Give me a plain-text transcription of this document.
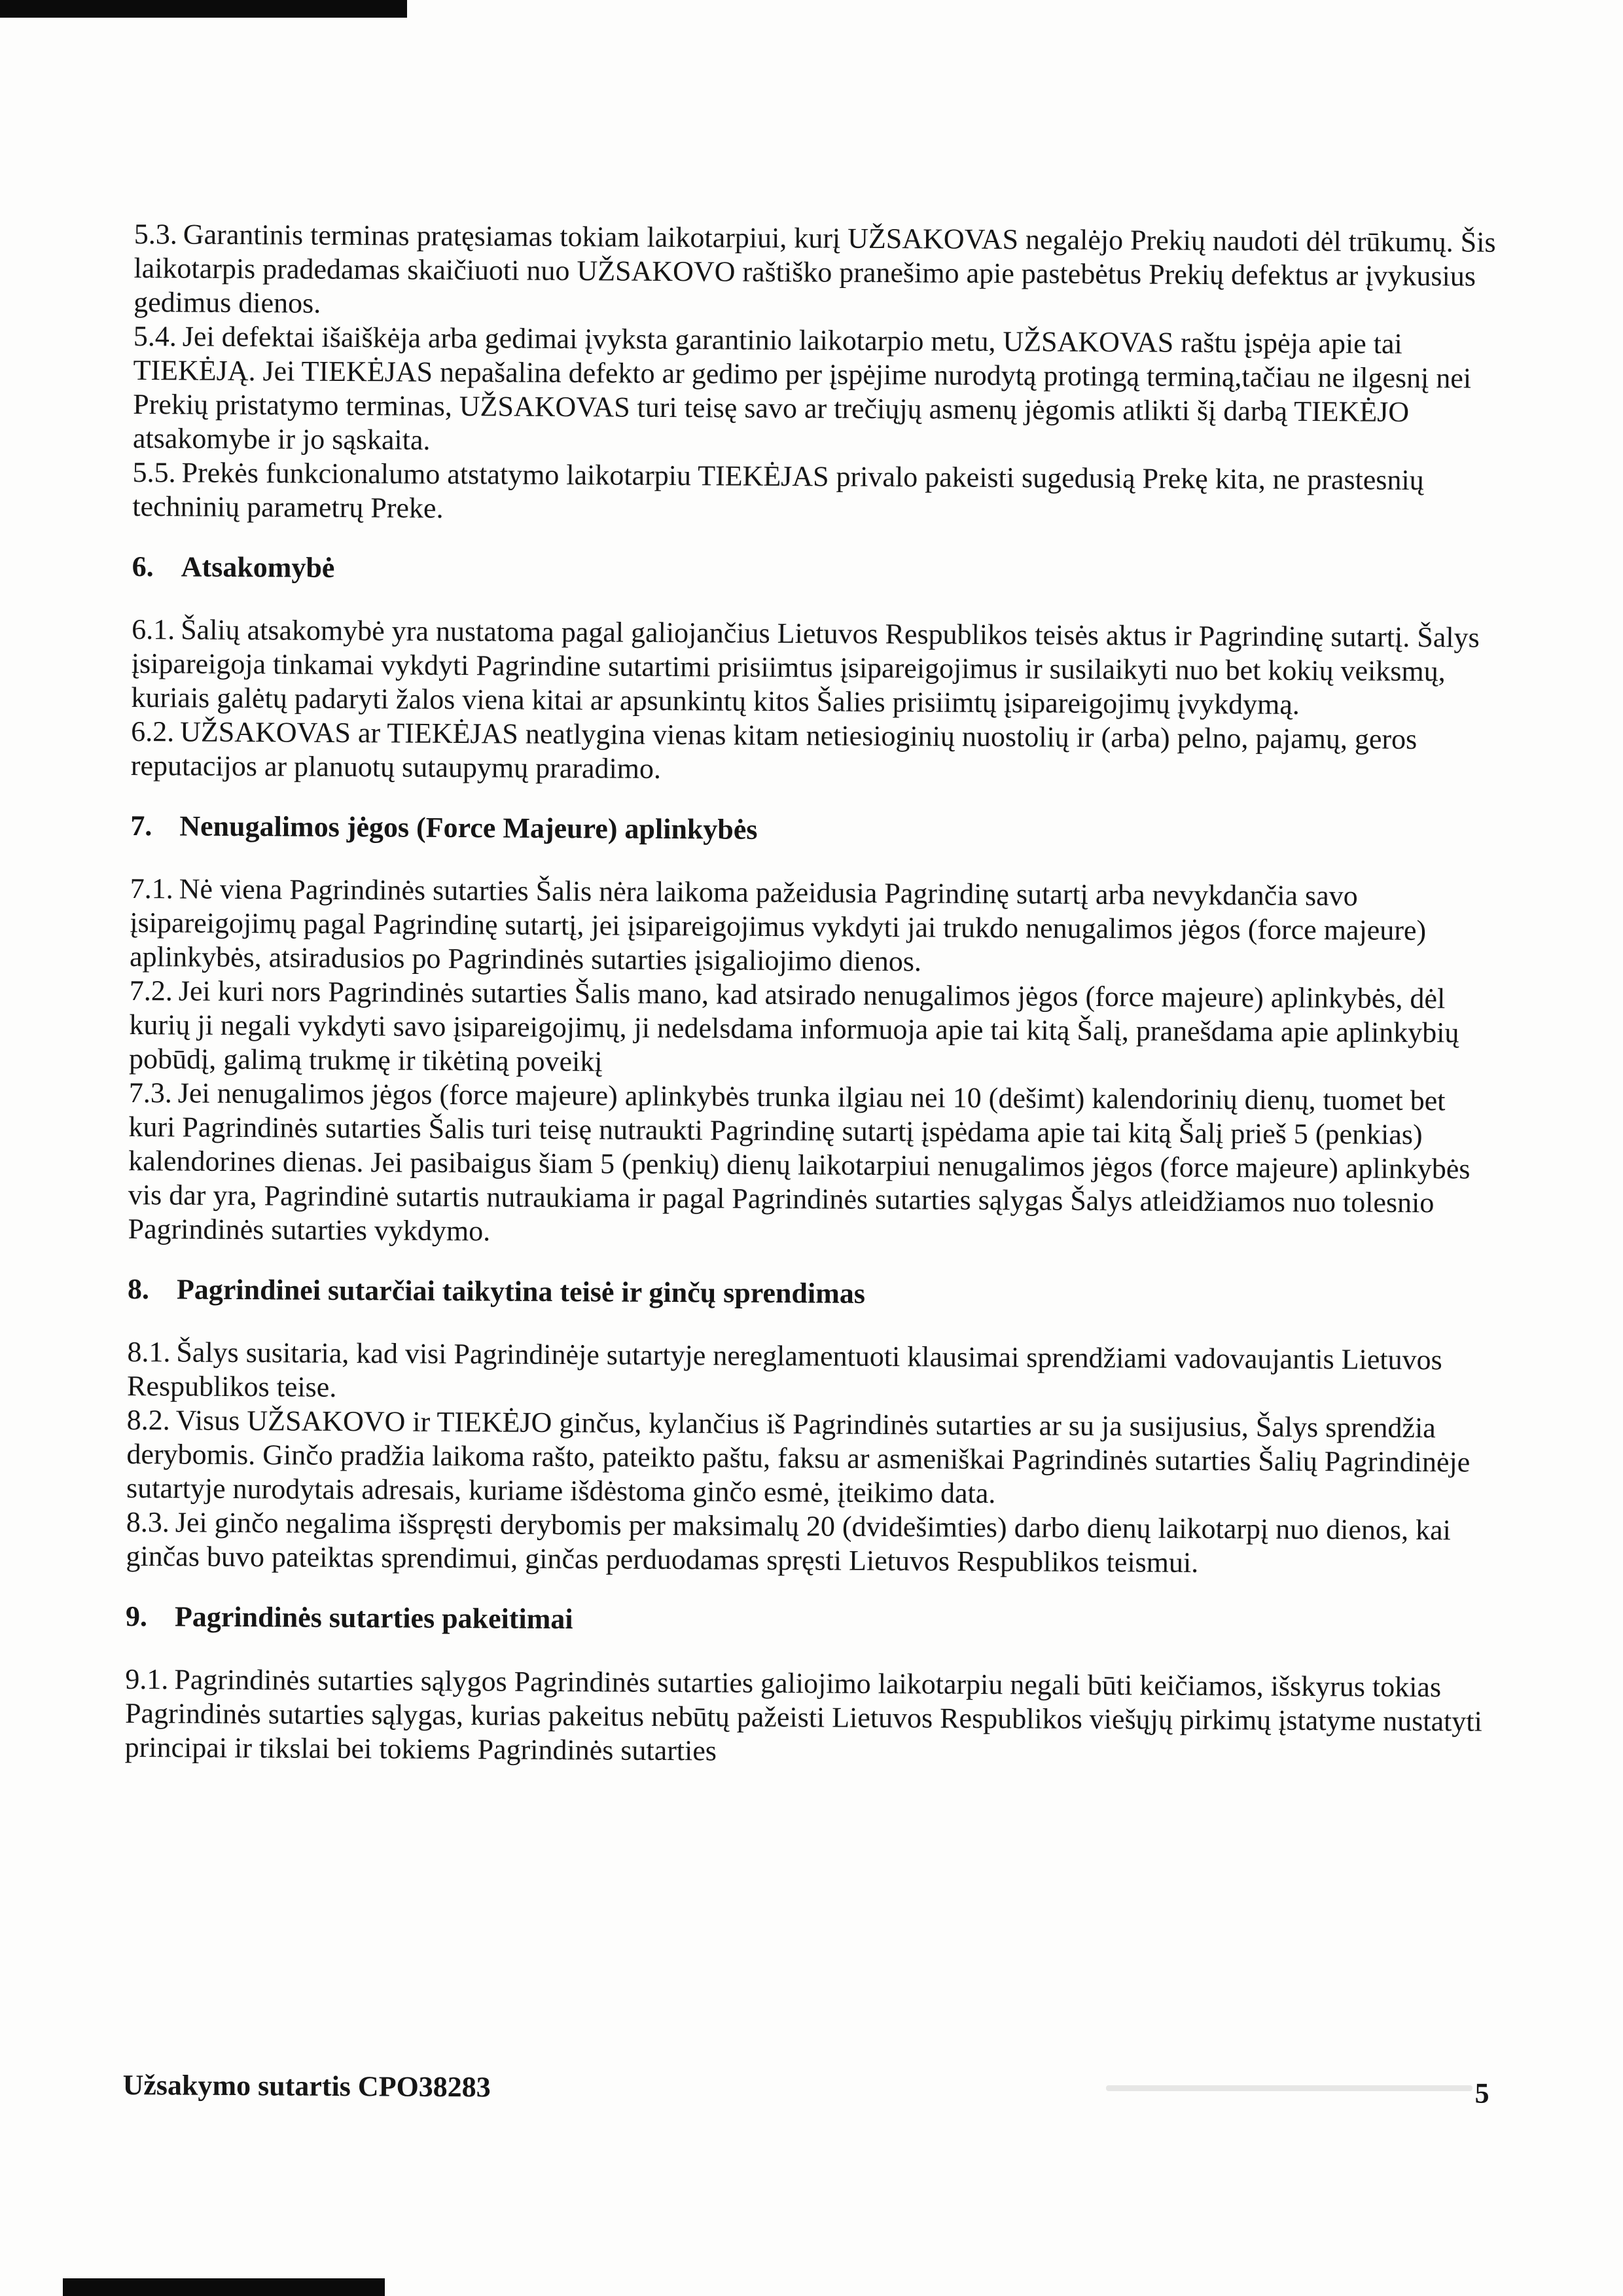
5.3. Garantinis terminas pratęsiamas tokiam laikotarpiui, kurį UŽSAKOVAS negalėjo Prekių naudoti dėl trūkumų. Šis laikotarpis pradedamas skaičiuoti nuo UŽSAKOVO raštiško pranešimo apie pastebėtus Prekių defektus ar įvykusius gedimus dienos.

5.4. Jei defektai išaiškėja arba gedimai įvyksta garantinio laikotarpio metu, UŽSAKOVAS raštu įspėja apie tai TIEKĖJĄ. Jei TIEKĖJAS nepašalina defekto ar gedimo per įspėjime nurodytą protingą terminą,tačiau ne ilgesnį nei Prekių pristatymo terminas, UŽSAKOVAS turi teisę savo ar trečiųjų asmenų jėgomis atlikti šį darbą TIEKĖJO atsakomybe ir jo sąskaita.

5.5. Prekės funkcionalumo atstatymo laikotarpiu TIEKĖJAS privalo pakeisti sugedusią Prekę kita, ne prastesnių techninių parametrų Preke.

6. Atsakomybė

6.1. Šalių atsakomybė yra nustatoma pagal galiojančius Lietuvos Respublikos teisės aktus ir Pagrindinę sutartį. Šalys įsipareigoja tinkamai vykdyti Pagrindine sutartimi prisiimtus įsipareigojimus ir susilaikyti nuo bet kokių veiksmų, kuriais galėtų padaryti žalos viena kitai ar apsunkintų kitos Šalies prisiimtų įsipareigojimų įvykdymą.

6.2. UŽSAKOVAS ar TIEKĖJAS neatlygina vienas kitam netiesioginių nuostolių ir (arba) pelno, pajamų, geros reputacijos ar planuotų sutaupymų praradimo.

7. Nenugalimos jėgos (Force Majeure) aplinkybės

7.1. Nė viena Pagrindinės sutarties Šalis nėra laikoma pažeidusia Pagrindinę sutartį arba nevykdančia savo įsipareigojimų pagal Pagrindinę sutartį, jei įsipareigojimus vykdyti jai trukdo nenugalimos jėgos (force majeure) aplinkybės, atsiradusios po Pagrindinės sutarties įsigaliojimo dienos.

7.2. Jei kuri nors Pagrindinės sutarties Šalis mano, kad atsirado nenugalimos jėgos (force majeure) aplinkybės, dėl kurių ji negali vykdyti savo įsipareigojimų, ji nedelsdama informuoja apie tai kitą Šalį, pranešdama apie aplinkybių pobūdį, galimą trukmę ir tikėtiną poveikį

7.3. Jei nenugalimos jėgos (force majeure) aplinkybės trunka ilgiau nei 10 (dešimt) kalendorinių dienų, tuomet bet kuri Pagrindinės sutarties Šalis turi teisę nutraukti Pagrindinę sutartį įspėdama apie tai kitą Šalį prieš 5 (penkias) kalendorines dienas. Jei pasibaigus šiam 5 (penkių) dienų laikotarpiui nenugalimos jėgos (force majeure) aplinkybės vis dar yra, Pagrindinė sutartis nutraukiama ir pagal Pagrindinės sutarties sąlygas Šalys atleidžiamos nuo tolesnio Pagrindinės sutarties vykdymo.

8. Pagrindinei sutarčiai taikytina teisė ir ginčų sprendimas

8.1. Šalys susitaria, kad visi Pagrindinėje sutartyje nereglamentuoti klausimai sprendžiami vadovaujantis Lietuvos Respublikos teise.

8.2. Visus UŽSAKOVO ir TIEKĖJO ginčus, kylančius iš Pagrindinės sutarties ar su ja susijusius, Šalys sprendžia derybomis. Ginčo pradžia laikoma rašto, pateikto paštu, faksu ar asmeniškai Pagrindinės sutarties Šalių Pagrindinėje sutartyje nurodytais adresais, kuriame išdėstoma ginčo esmė, įteikimo data.

8.3. Jei ginčo negalima išspręsti derybomis per maksimalų 20 (dvidešimties) darbo dienų laikotarpį nuo dienos, kai ginčas buvo pateiktas sprendimui, ginčas perduodamas spręsti Lietuvos Respublikos teismui.

9. Pagrindinės sutarties pakeitimai

9.1. Pagrindinės sutarties sąlygos Pagrindinės sutarties galiojimo laikotarpiu negali būti keičiamos, išskyrus tokias Pagrindinės sutarties sąlygas, kurias pakeitus nebūtų pažeisti Lietuvos Respublikos viešųjų pirkimų įstatyme nustatyti principai ir tikslai bei tokiems Pagrindinės sutarties

Užsakymo sutartis CPO38283	5
